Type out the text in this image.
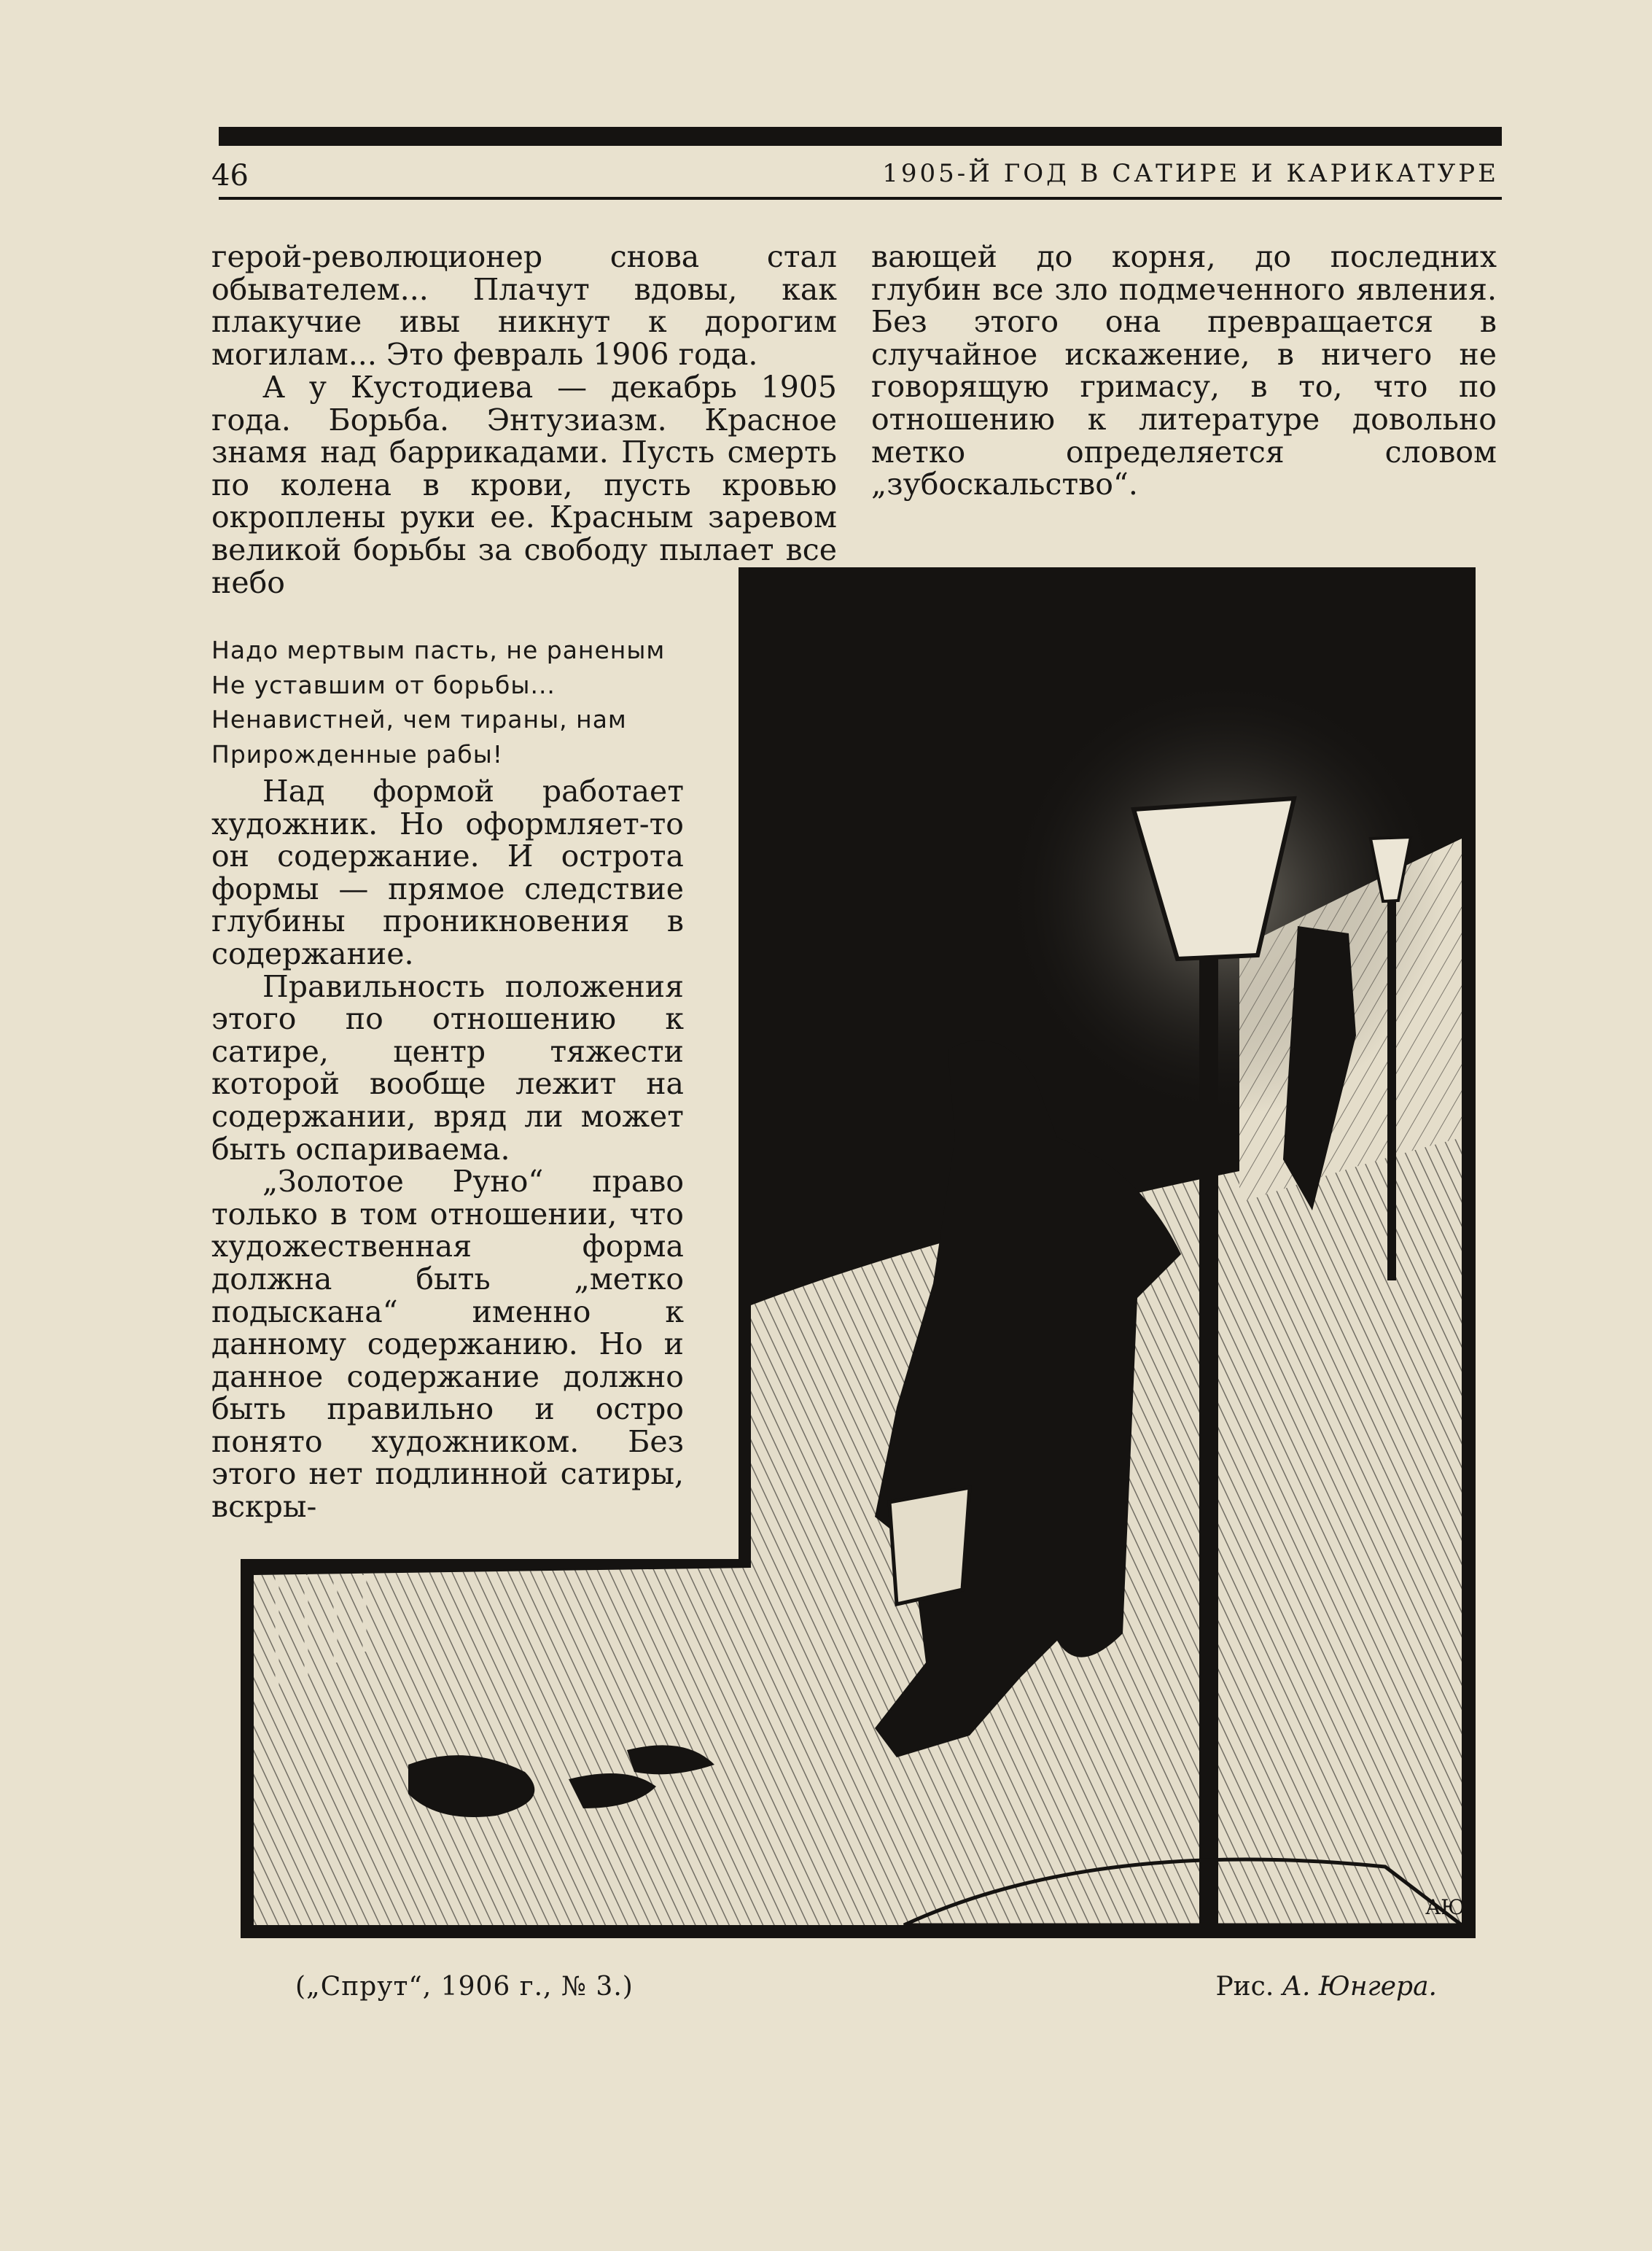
46	1905-Й ГОД В САТИРЕ И КАРИКАТУРЕ

герой-революционер снова стал обывателем... Плачут вдовы, как плакучие ивы никнут к дорогим могилам... Это февраль 1906 года.

А у Кустодиева — декабрь 1905 года. Борьба. Энтузиазм. Красное знамя над баррикадами. Пусть смерть по колена в крови, пусть кровью окроплены руки ее. Красным заревом великой борьбы за свободу пылает все небо

Надо мертвым пасть, не раненым
Не уставшим от борьбы...
Ненавистней, чем тираны, нам
Прирожденные рабы!

Над формой работает художник. Но оформляет-то он содержание. И острота формы — прямое следствие глубины проникновения в содержание.

Правильность положения этого по отношению к сатире, центр тяжести которой вообще лежит на содержании, вряд ли может быть оспариваема.

„Золотое Руно“ право только в том отношении, что художественная форма должна быть „метко подыскана“ именно к данному содержанию. Но и данное содержание должно быть правильно и остро понято художником. Без этого нет подлинной сатиры, вскры-

вающей до корня, до последних глубин все зло подмеченного явления. Без этого она превращается в случайное искажение, в ничего не говорящую гримасу, в то, что по отношению к литературе довольно метко определяется словом „зубоскальство“.

АЮ
(„Спрут“, 1906 г., № 3.)	Рис. А. Юнгера.
